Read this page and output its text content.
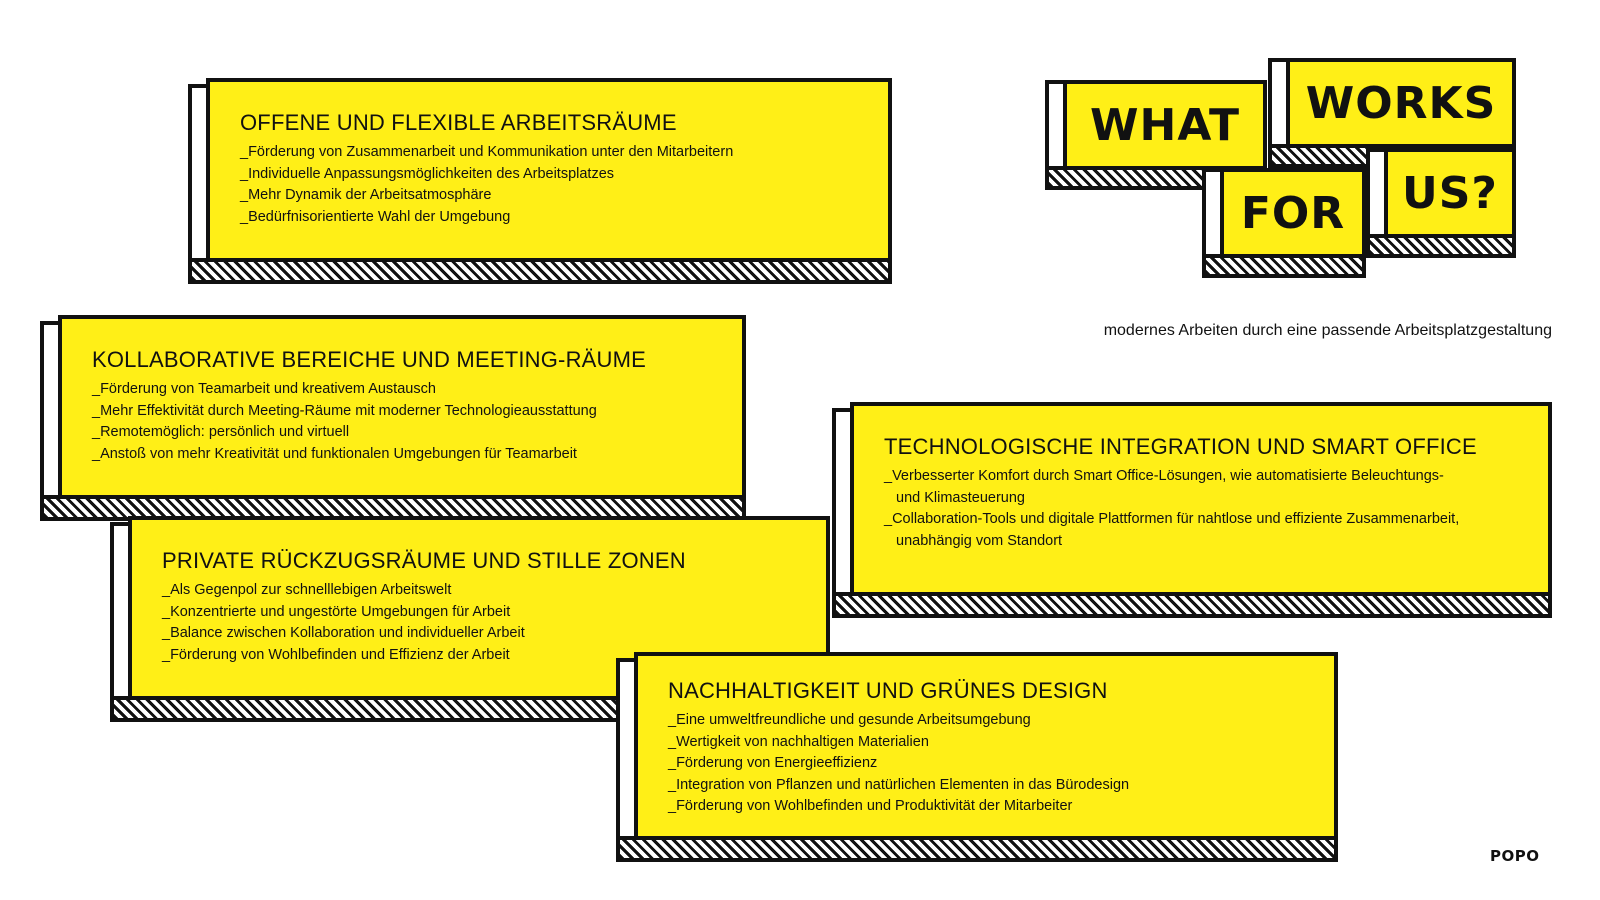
WHAT	WORKS
FOR	US?
modernes Arbeiten durch eine passende Arbeitsplatzgestaltung
OFFENE UND FLEXIBLE ARBEITSRÄUME
_Förderung von Zusammenarbeit und Kommunikation unter den Mitarbeitern
_Individuelle Anpassungsmöglichkeiten des Arbeitsplatzes
_Mehr Dynamik der Arbeitsatmosphäre
_Bedürfnisorientierte Wahl der Umgebung
KOLLABORATIVE BEREICHE UND MEETING-RÄUME
_Förderung von Teamarbeit und kreativem Austausch
_Mehr Effektivität durch Meeting-Räume mit moderner Technologieausstattung
_Remotemöglich: persönlich und virtuell
_Anstoß von mehr Kreativität und funktionalen Umgebungen für Teamarbeit
PRIVATE RÜCKZUGSRÄUME UND STILLE ZONEN
_Als Gegenpol zur schnelllebigen Arbeitswelt
_Konzentrierte und ungestörte Umgebungen für Arbeit
_Balance zwischen Kollaboration und individueller Arbeit
_Förderung von Wohlbefinden und Effizienz der Arbeit
TECHNOLOGISCHE INTEGRATION UND SMART OFFICE
_Verbesserter Komfort durch Smart Office-Lösungen, wie automatisierte Beleuchtungs-
und Klimasteuerung
_Collaboration-Tools und digitale Plattformen für nahtlose und effiziente Zusammenarbeit,
unabhängig vom Standort
NACHHALTIGKEIT UND GRÜNES DESIGN
_Eine umweltfreundliche und gesunde Arbeitsumgebung
_Wertigkeit von nachhaltigen Materialien
_Förderung von Energieeffizienz
_Integration von Pflanzen und natürlichen Elementen in das Bürodesign
_Förderung von Wohlbefinden und Produktivität der Mitarbeiter
POPO
